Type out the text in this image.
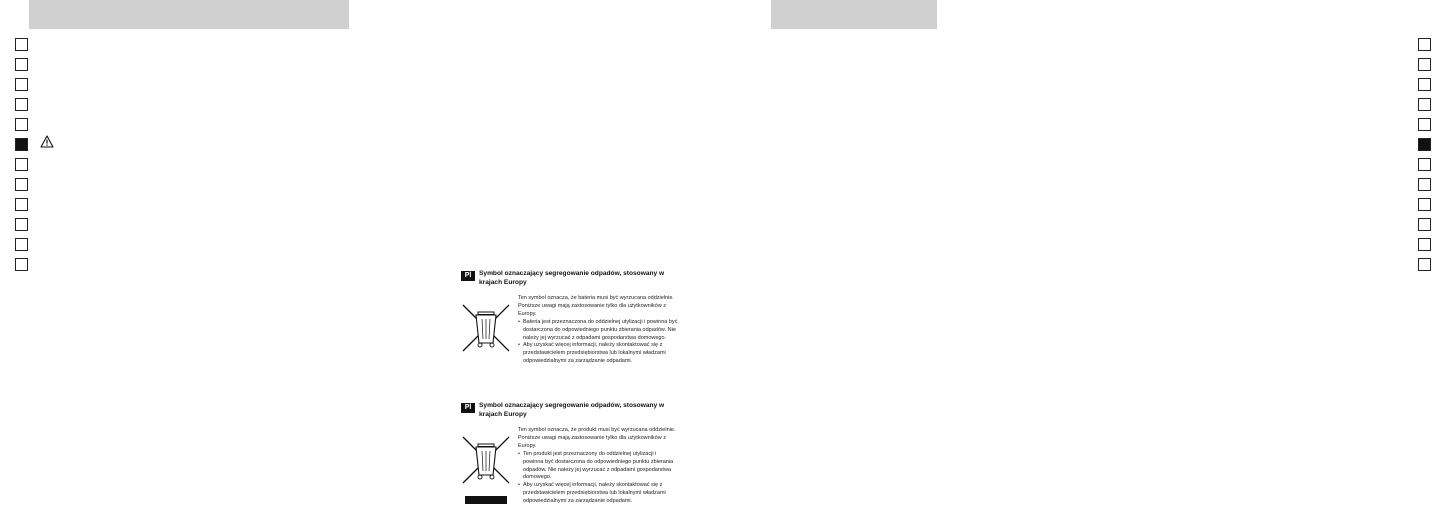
Pl	Symbol oznaczający segregowanie odpadów, stosowany w krajach Europy
Ten symbol oznacza, że bateria musi być wyrzucana oddzielnie.
Poniższe uwagi mają zastosowanie tylko dla użytkowników z Europy.
• Bateria jest przeznaczona do oddzielnej utylizacji i powinna być dostarczona do odpowiedniego punktu zbierania odpadów. Nie należy jej wyrzucać z odpadami gospodarstwa domowego.
• Aby uzyskać więcej informacji, należy skontaktować się z przedstawicielem przedsiębiorstwa lub lokalnymi władzami odpowiedzialnymi za zarządzanie odpadami.
Pl	Symbol oznaczający segregowanie odpadów, stosowany w krajach Europy
Ten symbol oznacza, że produkt musi być wyrzucana oddzielnie.
Poniższe uwagi mają zastosowanie tylko dla użytkowników z Europy.
• Ten produkt jest przeznaczony do oddzielnej utylizacji i powinna być dostarczona do odpowiedniego punktu zbierania odpadów. Nie należy jej wyrzucać z odpadami gospodarstwa domowego.
• Aby uzyskać więcej informacji, należy skontaktować się z przedstawicielem przedsiębiorstwa lub lokalnymi władzami odpowiedzialnymi za zarządzanie odpadami.
